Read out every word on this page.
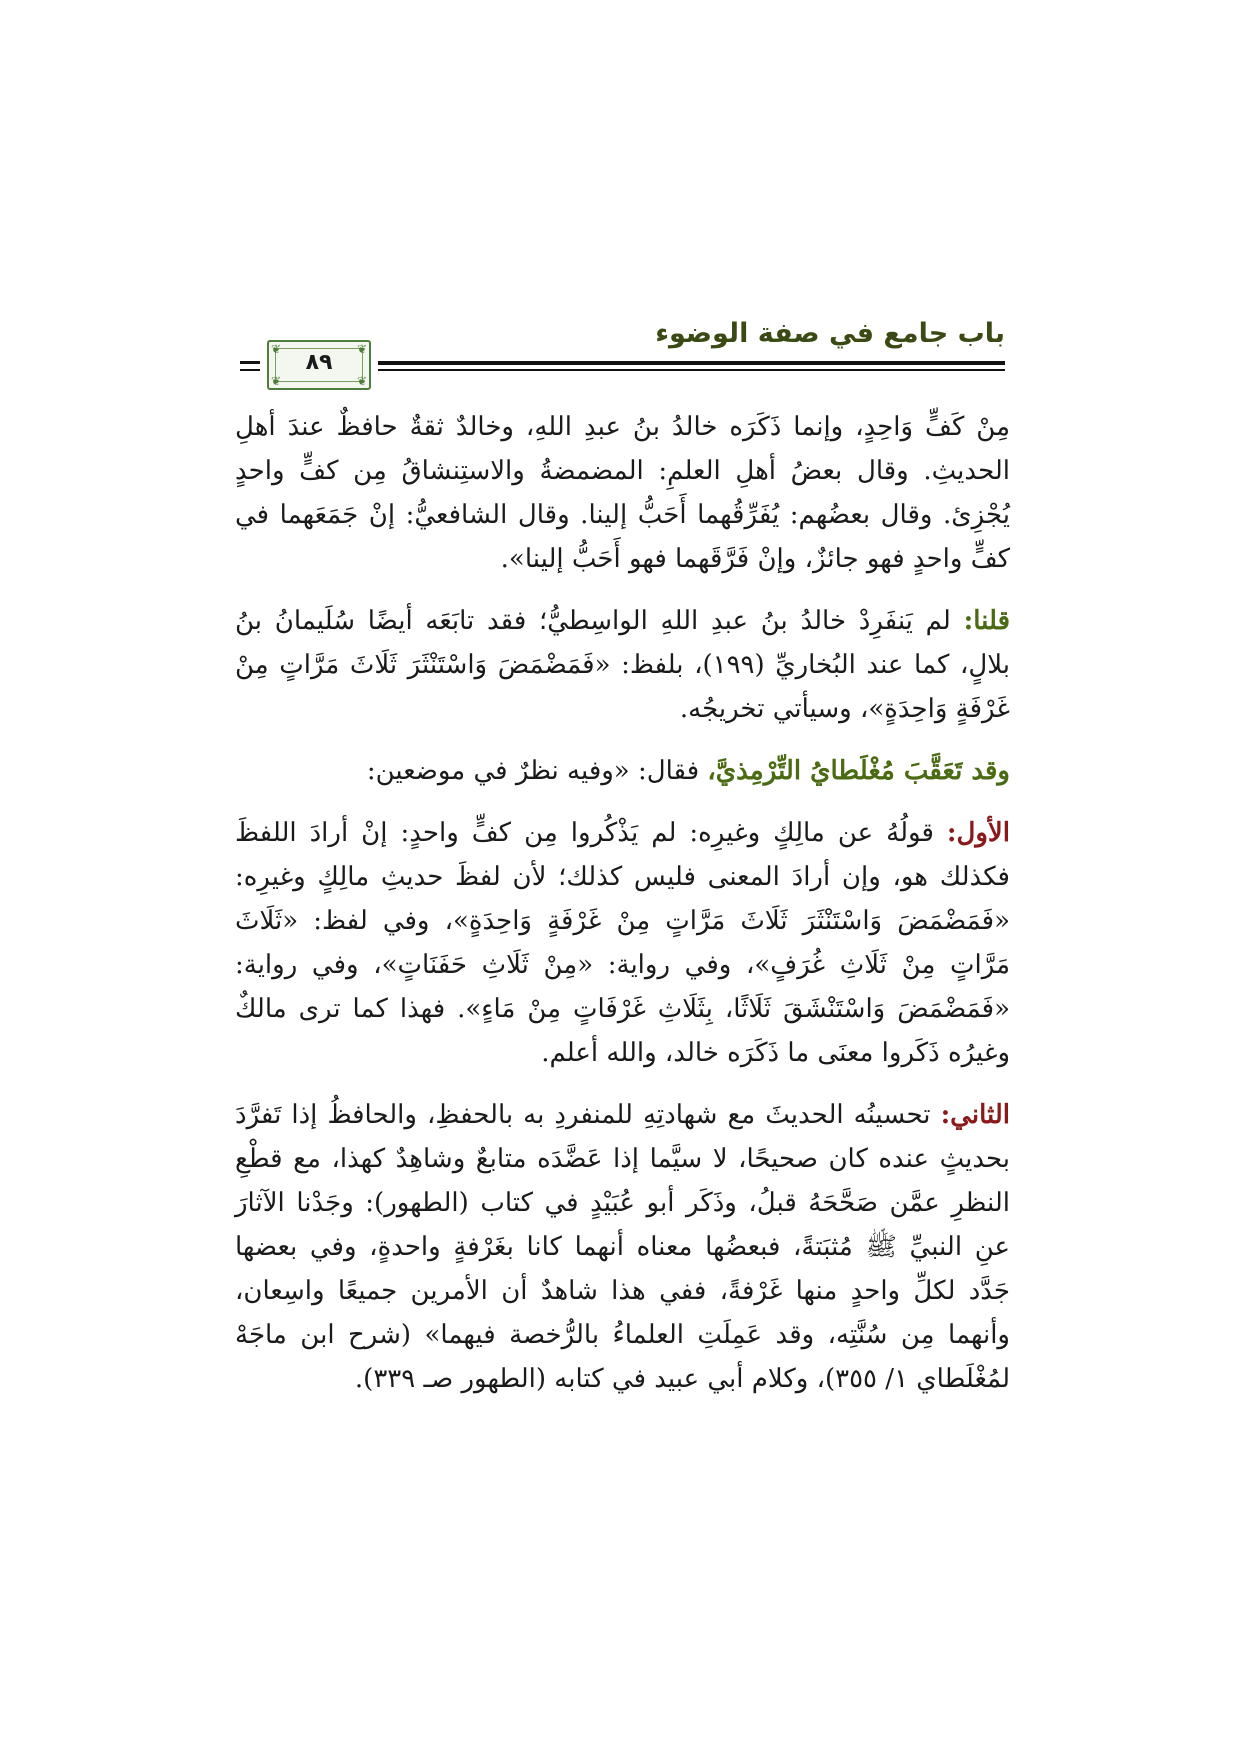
باب جامع في صفة الوضوء
❦	❦
❦	❦
٨٩

مِنْ كَفٍّ وَاحِدٍ، وإنما ذَكَرَه خالدُ بنُ عبدِ اللهِ، وخالدٌ ثقةٌ حافظٌ عندَ أهلِ الحديثِ. وقال بعضُ أهلِ العلمِ: المضمضةُ والاستِنشاقُ مِن كفٍّ واحدٍ يُجْزِئ. وقال بعضُهم: يُفَرِّقُهما أَحَبُّ إلينا. وقال الشافعيُّ: إنْ جَمَعَهما في كفٍّ واحدٍ فهو جائزٌ، وإنْ فَرَّقَهما فهو أَحَبُّ إلينا».

قلنا: لم يَنفَرِدْ خالدُ بنُ عبدِ اللهِ الواسِطيُّ؛ فقد تابَعَه أيضًا سُلَيمانُ بنُ بلالٍ، كما عند البُخاريِّ (١٩٩)، بلفظ: «فَمَضْمَضَ وَاسْتَنْثَرَ ثَلَاثَ مَرَّاتٍ مِنْ غَرْفَةٍ وَاحِدَةٍ»، وسيأتي تخريجُه.

وقد تَعَقَّبَ مُغْلَطايُ التِّرْمِذيَّ، فقال: «وفيه نظرٌ في موضعين:

الأول: قولُهُ عن مالِكٍ وغيرِه: لم يَذْكُروا مِن كفٍّ واحدٍ: إنْ أرادَ اللفظَ فكذلك هو، وإن أرادَ المعنى فليس كذلك؛ لأن لفظَ حديثِ مالِكٍ وغيرِه: «فَمَضْمَضَ وَاسْتَنْثَرَ ثَلَاثَ مَرَّاتٍ مِنْ غَرْفَةٍ وَاحِدَةٍ»، وفي لفظ: «ثَلَاثَ مَرَّاتٍ مِنْ ثَلَاثِ غُرَفٍ»، وفي رواية: «مِنْ ثَلَاثِ حَفَنَاتٍ»، وفي رواية: «فَمَضْمَضَ وَاسْتَنْشَقَ ثَلَاثًا، بِثَلَاثِ غَرْفَاتٍ مِنْ مَاءٍ». فهذا كما ترى مالكٌ وغيرُه ذَكَروا معنَى ما ذَكَرَه خالد، والله أعلم.

الثاني: تحسينُه الحديثَ مع شهادتِهِ للمنفردِ به بالحفظِ، والحافظُ إذا تَفرَّدَ بحديثٍ عنده كان صحيحًا، لا سيَّما إذا عَضَّدَه متابعٌ وشاهِدٌ كهذا، مع قطْعِ النظرِ عمَّن صَحَّحَهُ قبلُ، وذَكَر أبو عُبَيْدٍ في كتاب (الطهور): وجَدْنا الآثارَ عنِ النبيِّ ﷺ مُثبَتةً، فبعضُها معناه أنهما كانا بغَرْفةٍ واحدةٍ، وفي بعضها جَدَّد لكلِّ واحدٍ منها غَرْفةً، ففي هذا شاهدٌ أن الأمرين جميعًا واسِعان، وأنهما مِن سُنَّتِه، وقد عَمِلَتِ العلماءُ بالرُّخصة فيهما» (شرح ابن ماجَهْ لمُغْلَطاي ١/ ٣٥٥)، وكلام أبي عبيد في كتابه (الطهور صـ ٣٣٩).
